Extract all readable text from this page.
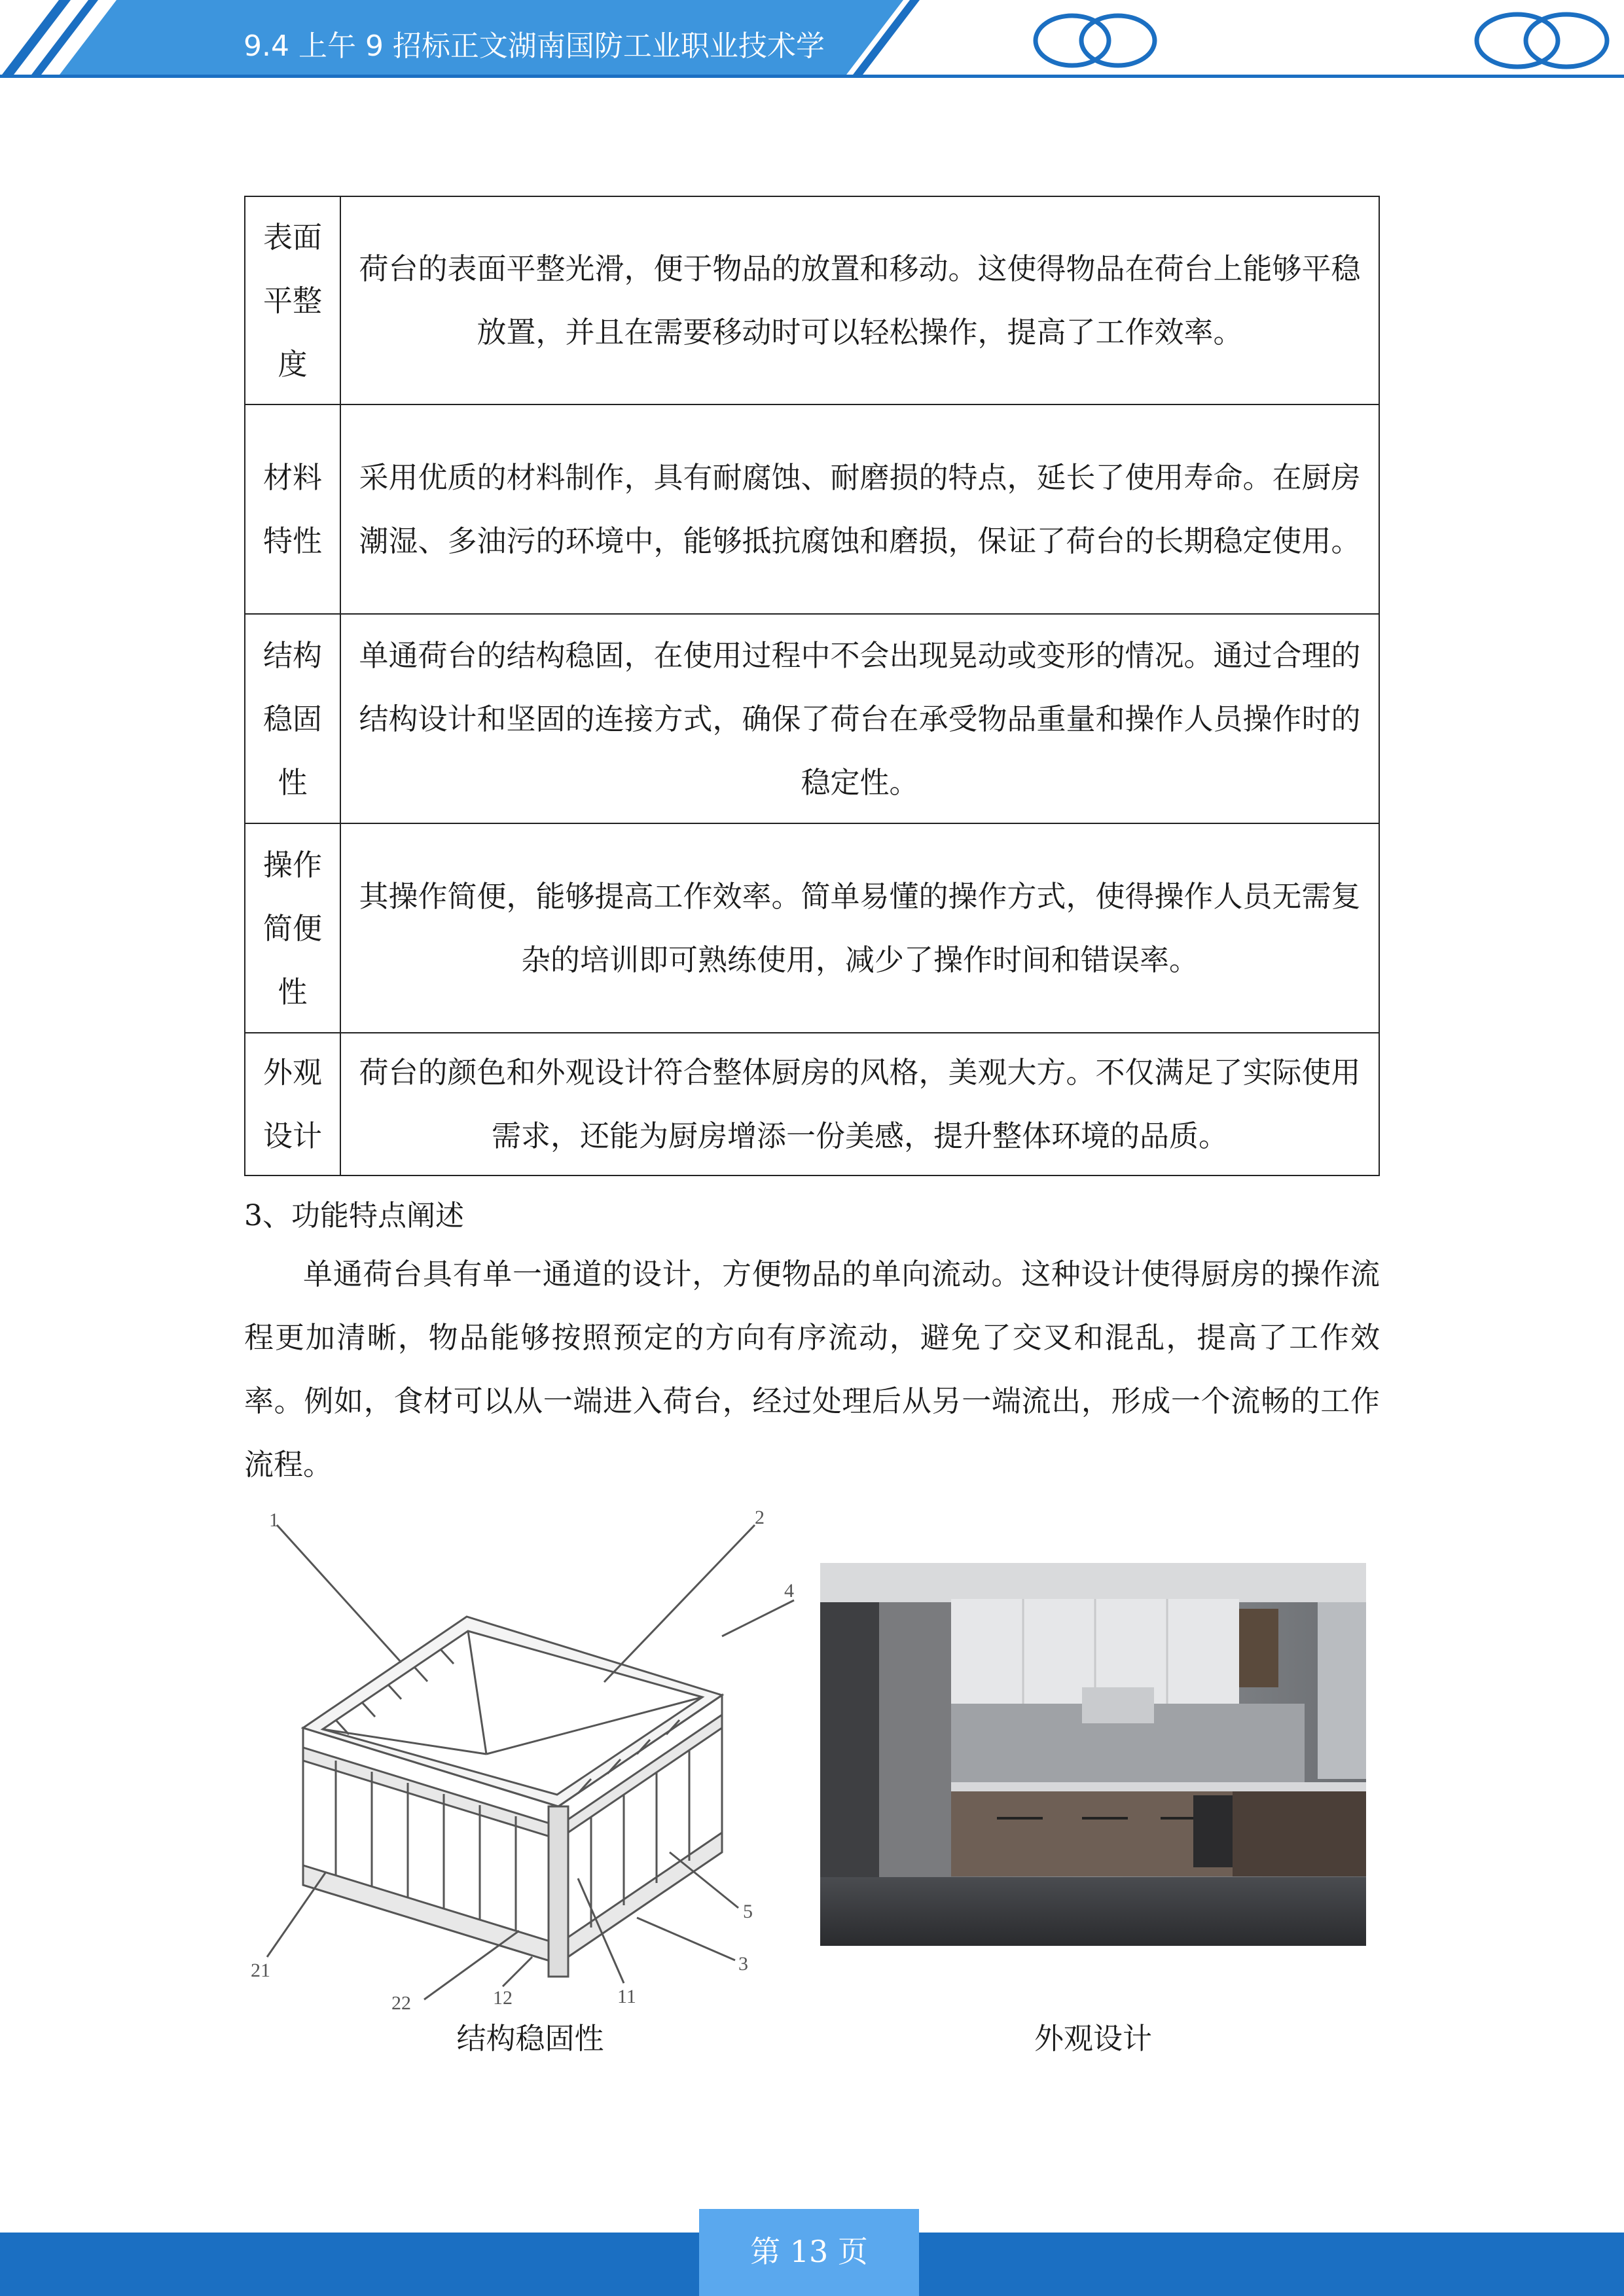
9.4 上午 9 招标正文湖南国防工业职业技术学
表面平整度	荷台的表面平整光滑，便于物品的放置和移动。这使得物品在荷台上能够平稳放置，并且在需要移动时可以轻松操作，提高了工作效率。
材料特性	采用优质的材料制作，具有耐腐蚀、耐磨损的特点，延长了使用寿命。在厨房潮湿、多油污的环境中，能够抵抗腐蚀和磨损，保证了荷台的长期稳定使用。
结构稳固性	单通荷台的结构稳固，在使用过程中不会出现晃动或变形的情况。通过合理的结构设计和坚固的连接方式，确保了荷台在承受物品重量和操作人员操作时的稳定性。
操作简便性	其操作简便，能够提高工作效率。简单易懂的操作方式，使得操作人员无需复杂的培训即可熟练使用，减少了操作时间和错误率。
外观设计	荷台的颜色和外观设计符合整体厨房的风格，美观大方。不仅满足了实际使用需求，还能为厨房增添一份美感，提升整体环境的品质。
3、功能特点阐述

单通荷台具有单一通道的设计，方便物品的单向流动。这种设计使得厨房的操作流程更加清晰，物品能够按照预定的方向有序流动，避免了交叉和混乱，提高了工作效率。例如，食材可以从一端进入荷台，经过处理后从另一端流出，形成一个流畅的工作流程。

1	2
4
5
3
11
12
22
21
结构稳固性	外观设计
第 13 页
